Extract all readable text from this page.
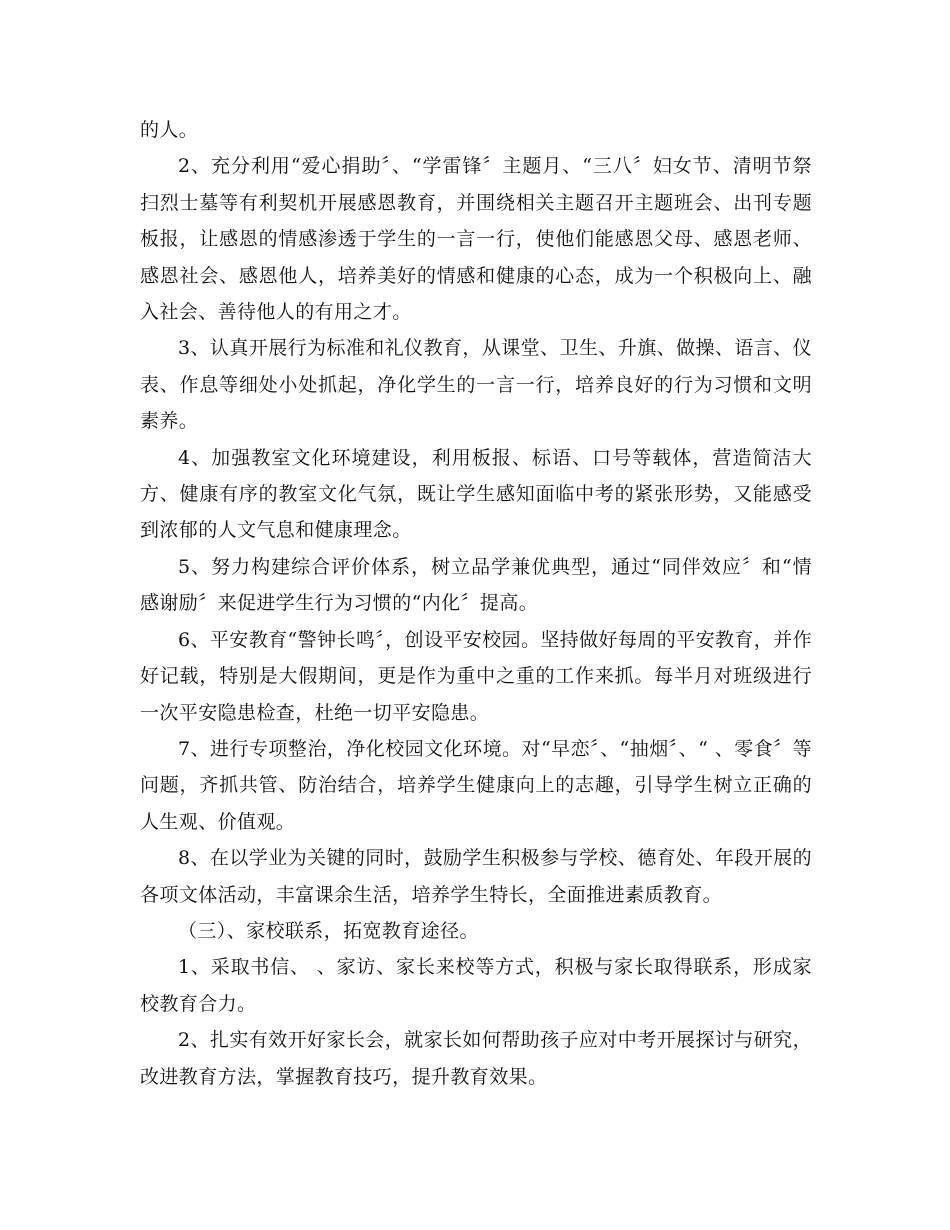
的人。

2、充分利用“爱心捐助〞、“学雷锋〞主题月、“三八〞妇女节、清明节祭扫烈士墓等有利契机开展感恩教育，并围绕相关主题召开主题班会、出刊专题板报，让感恩的情感渗透于学生的一言一行，使他们能感恩父母、感恩老师、感恩社会、感恩他人，培养美好的情感和健康的心态，成为一个积极向上、融入社会、善待他人的有用之才。

3、认真开展行为标准和礼仪教育，从课堂、卫生、升旗、做操、语言、仪表、作息等细处小处抓起，净化学生的一言一行，培养良好的行为习惯和文明素养。

4、加强教室文化环境建设，利用板报、标语、口号等载体，营造简洁大方、健康有序的教室文化气氛，既让学生感知面临中考的紧张形势，又能感受到浓郁的人文气息和健康理念。

5、努力构建综合评价体系，树立品学兼优典型，通过“同伴效应〞和“情感谢励〞来促进学生行为习惯的“内化〞提高。

6、平安教育“警钟长鸣〞，创设平安校园。坚持做好每周的平安教育，并作好记载，特别是大假期间，更是作为重中之重的工作来抓。每半月对班级进行一次平安隐患检查，杜绝一切平安隐患。

7、进行专项整治，净化校园文化环境。对“早恋〞、“抽烟〞、“ 、零食〞等问题，齐抓共管、防治结合，培养学生健康向上的志趣，引导学生树立正确的人生观、价值观。

8、在以学业为关键的同时，鼓励学生积极参与学校、德育处、年段开展的各项文体活动，丰富课余生活，培养学生特长，全面推进素质教育。

（三）、家校联系，拓宽教育途径。

1、采取书信、 、家访、家长来校等方式，积极与家长取得联系，形成家校教育合力。

2、扎实有效开好家长会，就家长如何帮助孩子应对中考开展探讨与研究，改进教育方法，掌握教育技巧，提升教育效果。
